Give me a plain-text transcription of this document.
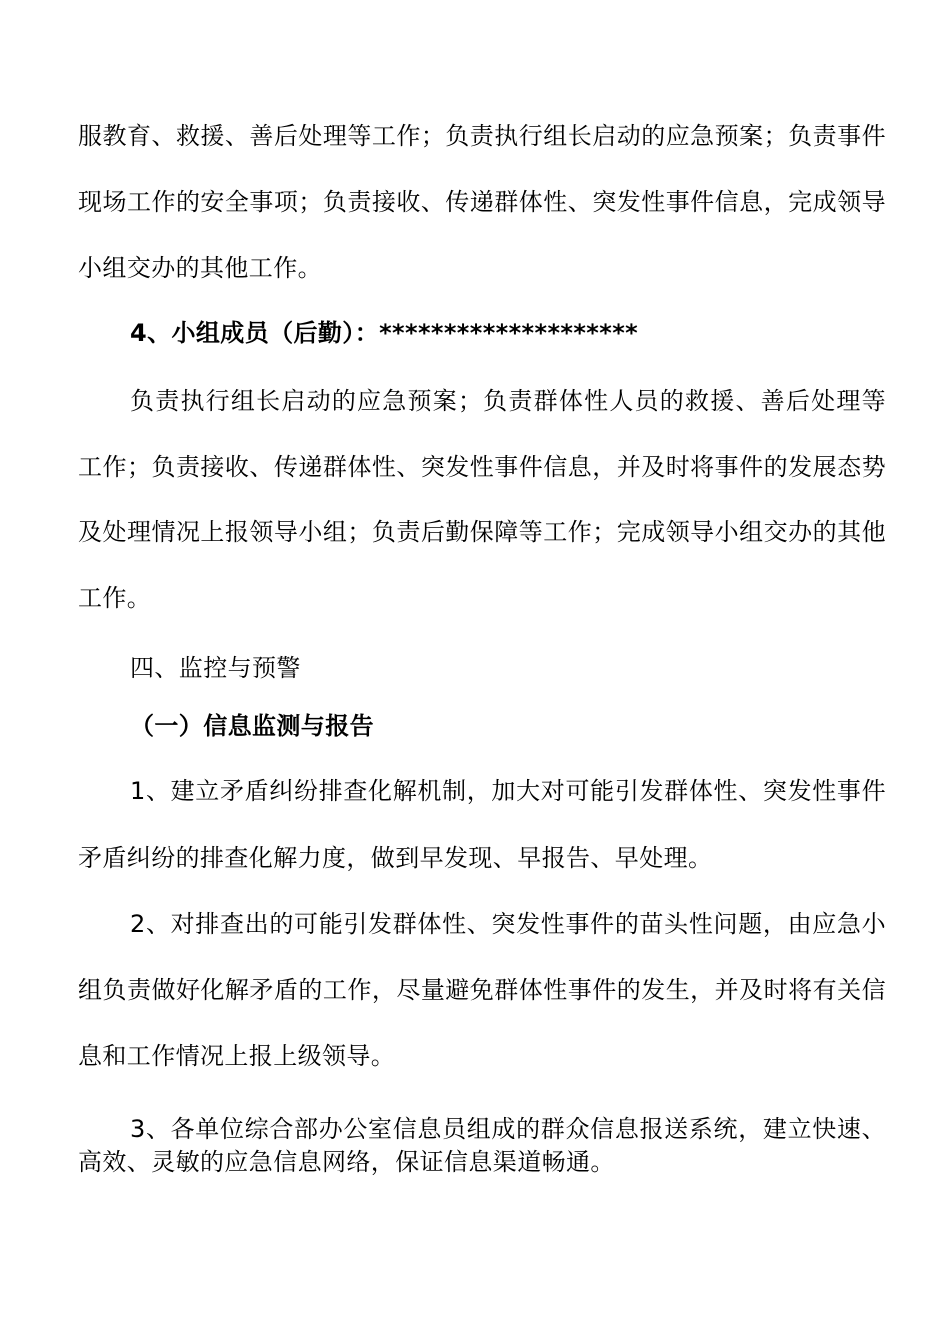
服教育、救援、善后处理等工作；负责执行组长启动的应急预案；负责事件
现场工作的安全事项；负责接收、传递群体性、突发性事件信息，完成领导
小组交办的其他工作。
4、小组成员（后勤）：********************
负责执行组长启动的应急预案；负责群体性人员的救援、善后处理等
工作；负责接收、传递群体性、突发性事件信息，并及时将事件的发展态势
及处理情况上报领导小组；负责后勤保障等工作；完成领导小组交办的其他
工作。
四、监控与预警
（一）信息监测与报告
1、建立矛盾纠纷排查化解机制，加大对可能引发群体性、突发性事件
矛盾纠纷的排查化解力度，做到早发现、早报告、早处理。
2、对排查出的可能引发群体性、突发性事件的苗头性问题，由应急小
组负责做好化解矛盾的工作，尽量避免群体性事件的发生，并及时将有关信
息和工作情况上报上级领导。
3、各单位综合部办公室信息员组成的群众信息报送系统，建立快速、
高效、灵敏的应急信息网络，保证信息渠道畅通。
